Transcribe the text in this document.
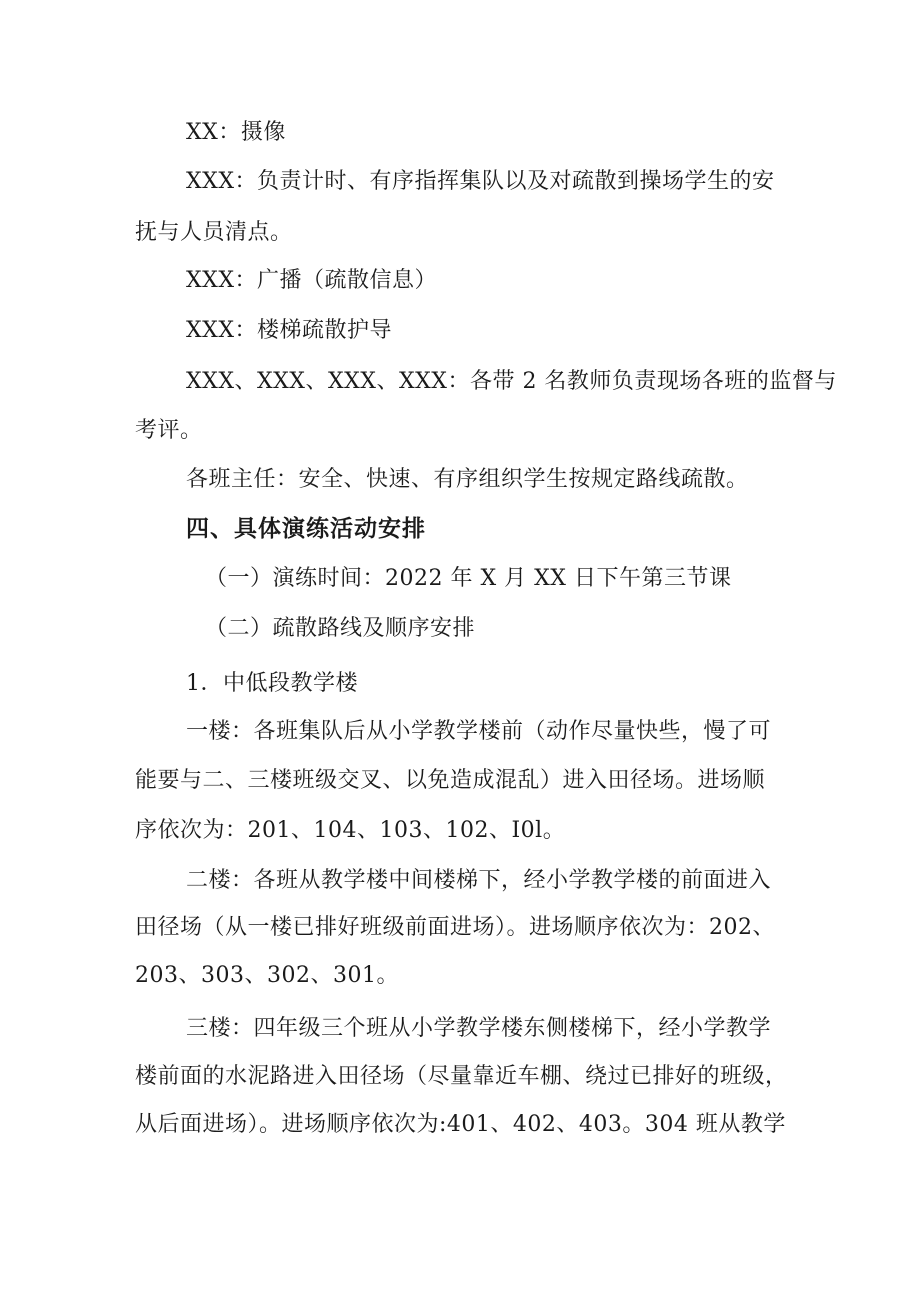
XX：摄像
XXX：负责计时、有序指挥集队以及对疏散到操场学生的安
抚与人员清点。
XXX：广播（疏散信息）
XXX：楼梯疏散护导
XXX、XXX、XXX、XXX：各带 2 名教师负责现场各班的监督与
考评。
各班主任：安全、快速、有序组织学生按规定路线疏散。
四、具体演练活动安排
（一）演练时间：2022 年 X 月 XX 日下午第三节课
（二）疏散路线及顺序安排
1．中低段教学楼
一楼：各班集队后从小学教学楼前（动作尽量快些，慢了可
能要与二、三楼班级交叉、以免造成混乱）进入田径场。进场顺
序依次为：201、104、103、102、I0l。
二楼：各班从教学楼中间楼梯下，经小学教学楼的前面进入
田径场（从一楼已排好班级前面进场）。进场顺序依次为：202、
203、303、302、301。
三楼：四年级三个班从小学教学楼东侧楼梯下，经小学教学
楼前面的水泥路进入田径场（尽量靠近车棚、绕过已排好的班级，
从后面进场）。进场顺序依次为:401、402、403。304 班从教学
